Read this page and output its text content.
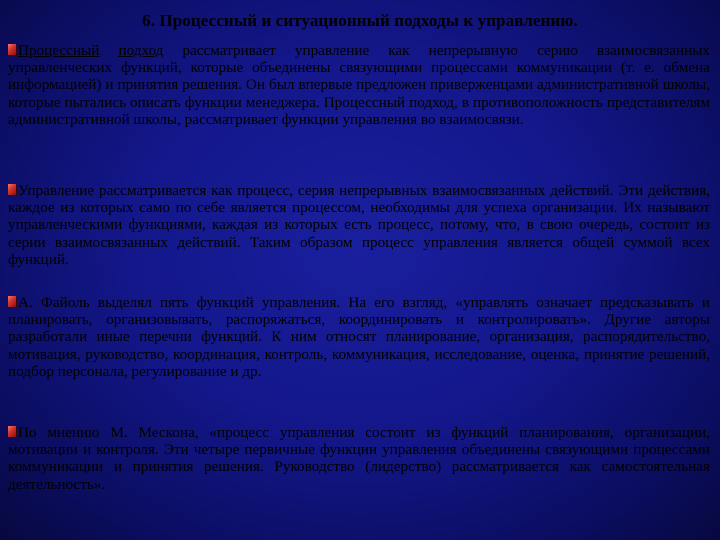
6. Процессный и ситуационный подходы к управлению.
Процессный подход рассматривает управление как непрерывную серию взаимосвязанных управленческих функций, которые объединены связующими процессами коммуникации (т. е. обмена информацией) и принятия решения. Он был впервые предложен приверженцами административной школы, которые пытались описать функции менеджера. Процессный подход, в противоположность представителям административной школы, рассматривает функции управления во взаимосвязи.
Управление рассматривается как процесс, серия непрерывных взаимосвязанных действий. Эти действия, каждое из которых само по себе является процессом, необходимы для успеха организации. Их называют управленческими функциями, каждая из которых есть процесс, потому, что, в свою очередь, состоит из серии взаимосвязанных действий. Таким образом процесс управления является общей суммой всех функций.
А. Файоль выделял пять функций управления. На его взгляд, «управлять означает предсказывать и планировать, организовывать, распоряжаться, координировать и контролировать». Другие авторы разработали иные перечни функций. К ним относят планирование, организация, распорядительство, мотивация, руководство, координация, контроль, коммуникация, исследование, оценка, принятие решений, подбор персонала, регулирование и др.
По мнению М. Мескона, «процесс управления состоит из функций планирования, организации, мотивации и контроля. Эти четыре первичные функции управления объединены связующими процессами коммуникации и принятия решения. Руководство (лидерство) рассматривается как самостоятельная деятельность».
